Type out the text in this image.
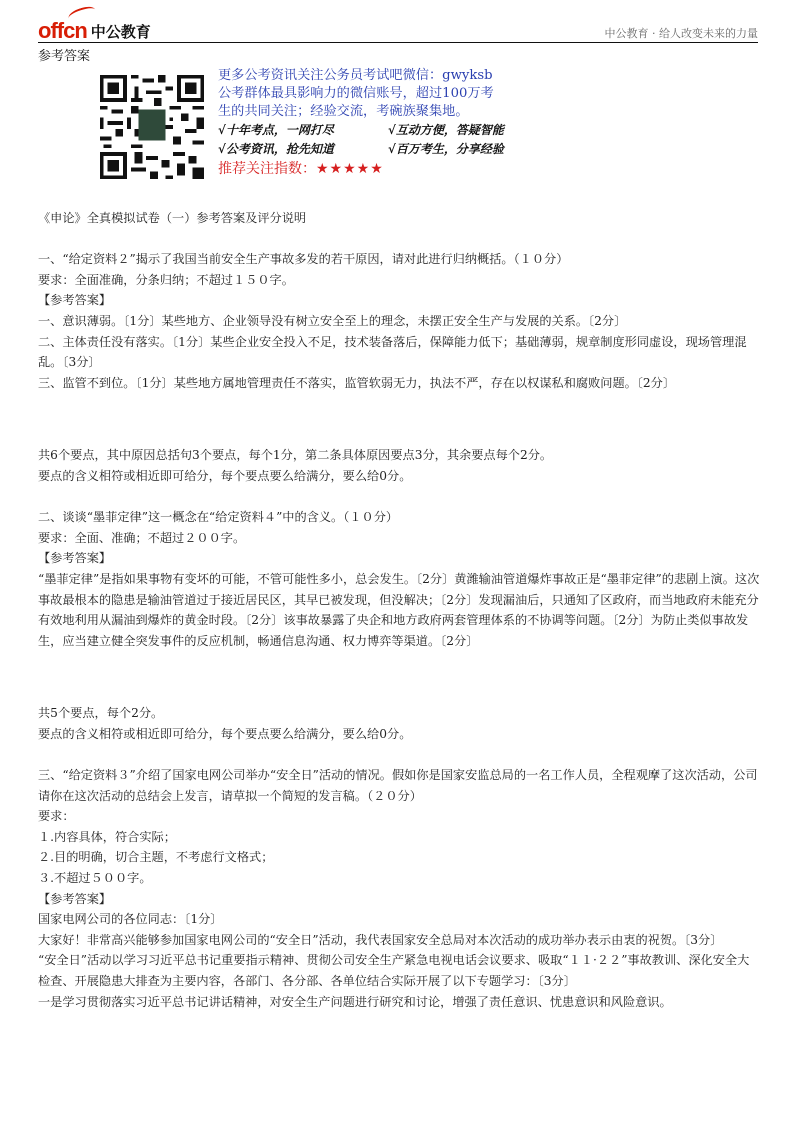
offcn 中公教育	中公教育 · 给人改变未来的力量
参考答案
更多公考资讯关注公务员考试吧微信：gwyksb
公考群体最具影响力的微信账号，超过100万考
生的共同关注；经验交流，考碗族聚集地。
√十年考点，一网打尽	√互动方便，答疑智能
√公考资讯，抢先知道	√百万考生，分享经验
推荐关注指数：★★★★★

《申论》全真模拟试卷（一）参考答案及评分说明

一、“给定资料２”揭示了我国当前安全生产事故多发的若干原因，请对此进行归纳概括。（１０分）

要求：全面准确，分条归纳；不超过１５０字。

【参考答案】

一、意识薄弱。〔1分〕某些地方、企业领导没有树立安全至上的理念，未摆正安全生产与发展的关系。〔2分〕

二、主体责任没有落实。〔1分〕某些企业安全投入不足，技术装备落后，保障能力低下；基础薄弱，规章制度形同虚设，现场管理混乱。〔3分〕

三、监管不到位。〔1分〕某些地方属地管理责任不落实，监管软弱无力，执法不严，存在以权谋私和腐败问题。〔2分〕

共6个要点，其中原因总括句3个要点，每个1分，第二条具体原因要点3分，其余要点每个2分。

要点的含义相符或相近即可给分，每个要点要么给满分，要么给0分。

二、谈谈“墨菲定律”这一概念在“给定资料４”中的含义。（１０分）

要求：全面、准确；不超过２００字。

【参考答案】

“墨菲定律”是指如果事物有变坏的可能，不管可能性多小，总会发生。〔2分〕黄潍输油管道爆炸事故正是“墨菲定律”的悲剧上演。这次事故最根本的隐患是输油管道过于接近居民区，其早已被发现，但没解决；〔2分〕发现漏油后，只通知了区政府，而当地政府未能充分有效地利用从漏油到爆炸的黄金时段。〔2分〕该事故暴露了央企和地方政府两套管理体系的不协调等问题。〔2分〕为防止类似事故发生，应当建立健全突发事件的反应机制，畅通信息沟通、权力博弈等渠道。〔2分〕

共5个要点，每个2分。

要点的含义相符或相近即可给分，每个要点要么给满分，要么给0分。

三、“给定资料３”介绍了国家电网公司举办“安全日”活动的情况。假如你是国家安监总局的一名工作人员，全程观摩了这次活动，公司请你在这次活动的总结会上发言，请草拟一个简短的发言稿。（２０分）

要求：

１.内容具体，符合实际；

２.目的明确，切合主题，不考虑行文格式；

３.不超过５００字。

【参考答案】

国家电网公司的各位同志：〔1分〕

大家好！非常高兴能够参加国家电网公司的“安全日”活动，我代表国家安全总局对本次活动的成功举办表示由衷的祝贺。〔3分〕

“安全日”活动以学习习近平总书记重要指示精神、贯彻公司安全生产紧急电视电话会议要求、吸取“１１·２２”事故教训、深化安全大检查、开展隐患大排查为主要内容，各部门、各分部、各单位结合实际开展了以下专题学习：〔3分〕

一是学习贯彻落实习近平总书记讲话精神，对安全生产问题进行研究和讨论，增强了责任意识、忧患意识和风险意识。
